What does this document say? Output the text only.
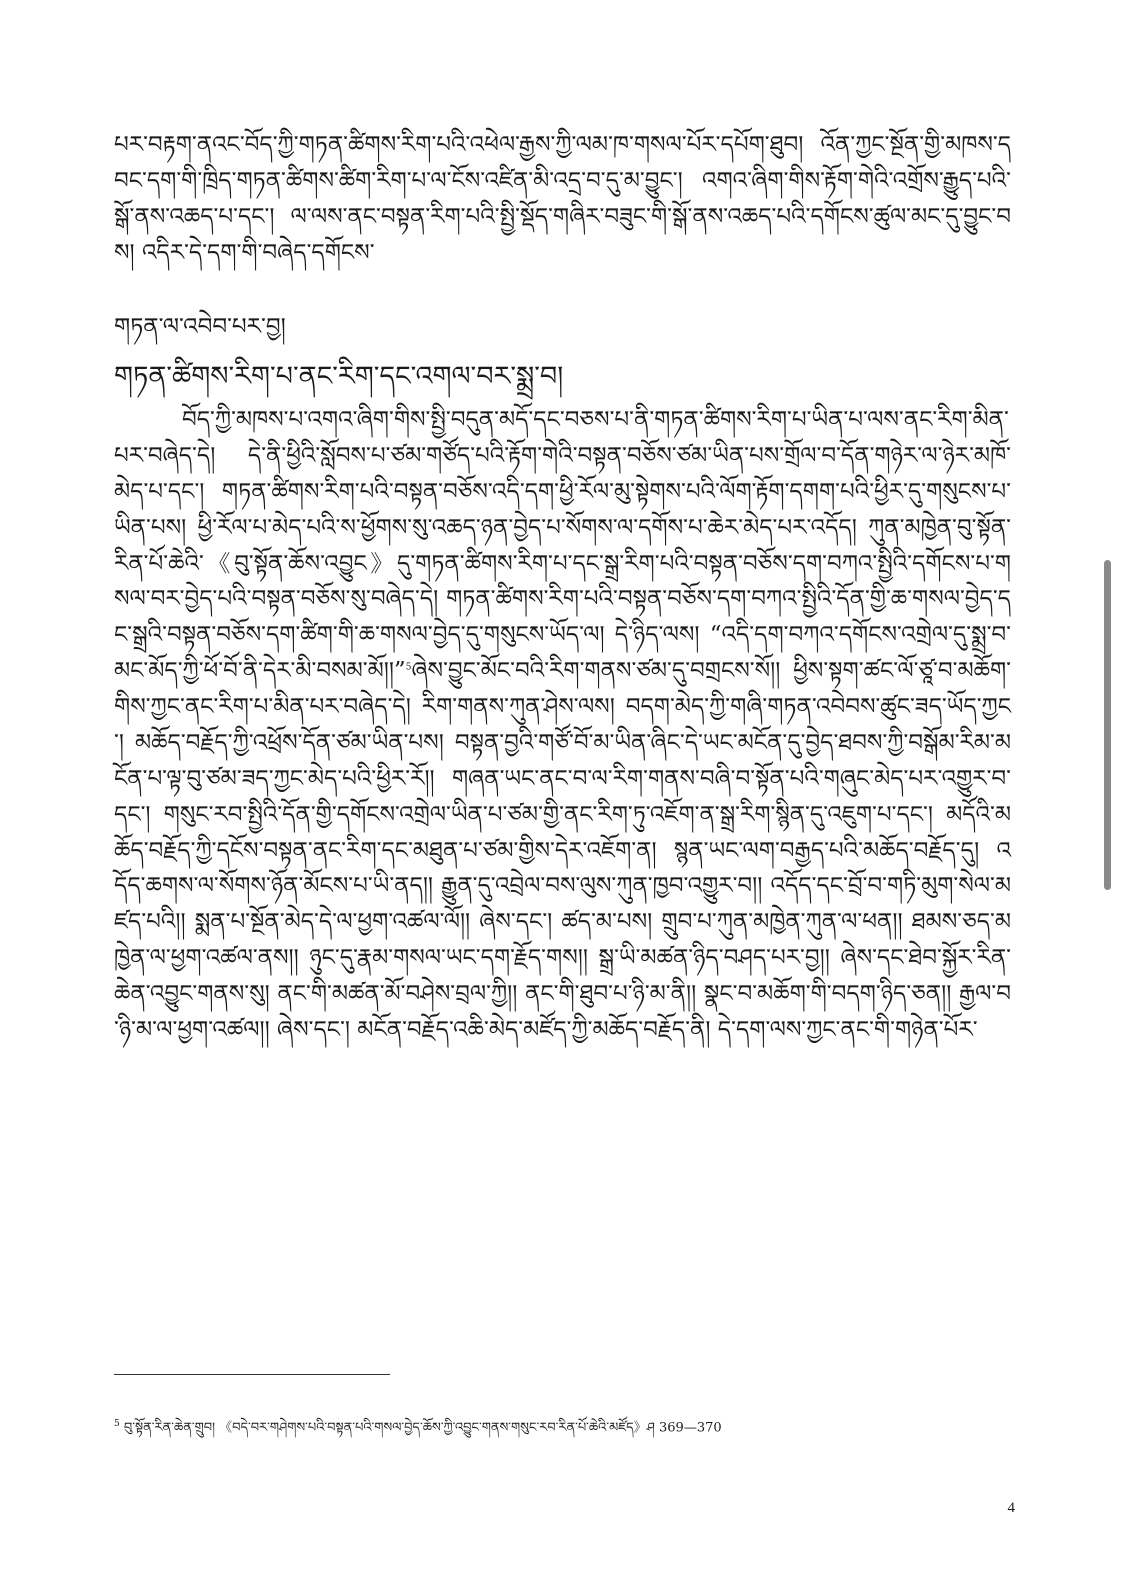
པར་བརྟག་ནའང་བོད་ཀྱི་གཏན་ཚིགས་རིག་པའི་འཕེལ་རྒྱས་ཀྱི་ལམ་ཁ་གསལ་པོར་དཔོག་ཐུབ། འོན་ཀྱང་སྔོན་གྱི་མཁས་དབང་དག་གི་ཁྲིད་གཏན་ཚིགས་ཚིག་རིག་པ་ལ་ངོས་འཛིན་མི་འདྲ་བ་དུ་མ་བྱུང་། འགའ་ཞིག་གིས་རྟོག་གེའི་འགྲོས་རྒྱུད་པའི་སྒོ་ནས་འཆད་པ་དང་། ལ་ལས་ནང་བསྟན་རིག་པའི་སྤྱི་སྡོད་གཞིར་བཟུང་གི་སྒོ་ནས་འཆད་པའི་དགོངས་ཚུལ་མང་དུ་བྱུང་བས། འདིར་དེ་དག་གི་བཞེད་དགོངས་

གཏན་ལ་འབེབ་པར་བྱ།

གཏན་ཚིགས་རིག་པ་ནང་རིག་དང་འགལ་བར་སྨྲ་བ།

བོད་ཀྱི་མཁས་པ་འགའ་ཞིག་གིས་སྤྱི་བདུན་མདོ་དང་བཅས་པ་ནི་གཏན་ཚིགས་རིག་པ་ཡིན་པ་ལས་ནང་རིག་མིན་པར་བཞེད་དེ། དེ་ནི་ཕྱིའི་སློབས་པ་ཙམ་གཙོད་པའི་རྟོག་གེའི་བསྟན་བཅོས་ཙམ་ཡིན་པས་གྲོལ་བ་དོན་གཉེར་ལ་ཉེར་མཁོ་མེད་པ་དང་། གཏན་ཚིགས་རིག་པའི་བསྟན་བཅོས་འདི་དག་ཕྱི་རོལ་མུ་སྟེགས་པའི་ལོག་རྟོག་དགག་པའི་ཕྱིར་དུ་གསུངས་པ་ཡིན་པས། ཕྱི་རོལ་པ་མེད་པའི་ས་ཕྱོགས་སུ་འཆད་ཉན་བྱེད་པ་སོགས་ལ་དགོས་པ་ཆེར་མེད་པར་འདོད། ཀུན་མཁྱེན་བུ་སྟོན་རིན་པོ་ཆེའི་《བུ་སྟོན་ཆོས་འབྱུང》དུ་གཏན་ཚིགས་རིག་པ་དང་སྒྲ་རིག་པའི་བསྟན་བཅོས་དག་བཀའ་སྤྱིའི་དགོངས་པ་གསལ་བར་བྱེད་པའི་བསྟན་བཅོས་སུ་བཞེད་དེ། གཏན་ཚིགས་རིག་པའི་བསྟན་བཅོས་དག་བཀའ་སྤྱིའི་དོན་གྱི་ཆ་གསལ་བྱེད་དང་སྒྲའི་བསྟན་བཅོས་དག་ཚིག་གི་ཆ་གསལ་བྱེད་དུ་གསུངས་ཡོད་ལ། དེ་ཉིད་ལས། “འདི་དག་བཀའ་དགོངས་འགྲེལ་དུ་སྨྲ་བ་མང་མོད་ཀྱི་ཕོ་བོ་ནི་དེར་མི་བསམ་མོ།།”$^5$ཞེས་བྱུང་མོང་བའི་རིག་གནས་ཙམ་དུ་བགྲངས་སོ།། ཕྱིས་སྟག་ཚང་ལོ་ཙཱ་བ་མཆོག་གིས་ཀྱང་ནང་རིག་པ་མིན་པར་བཞེད་དེ། རིག་གནས་ཀུན་ཤེས་ལས། བདག་མེད་ཀྱི་གཞི་གཏན་འབེབས་ཚུང་ཟད་ཡོད་ཀྱང་། མཆོད་བརྗོད་ཀྱི་འཕྲོས་དོན་ཙམ་ཡིན་པས། བསྟན་བྱའི་གཙོ་བོ་མ་ཡིན་ཞིང་དེ་ཡང་མངོན་དུ་བྱེད་ཐབས་ཀྱི་བསྒོམ་རིམ་མངོན་པ་ལྟ་བུ་ཙམ་ཟད་ཀྱང་མེད་པའི་ཕྱིར་རོ།། གཞན་ཡང་ནང་བ་ལ་རིག་གནས་བཞི་བ་སྟོན་པའི་གཞུང་མེད་པར་འགྱུར་བ་དང་། གསུང་རབ་སྤྱིའི་དོན་གྱི་དགོངས་འགྲེལ་ཡིན་པ་ཙམ་གྱི་ནང་རིག་ཏུ་འཇོག་ན་སྒྲ་རིག་སྙིན་དུ་འཇུག་པ་དང་། མདོའི་མཆོད་བརྗོད་ཀྱི་དངོས་བསྟན་ནང་རིག་དང་མཐུན་པ་ཙམ་གྱིས་དེར་འཇོག་ན། སྙན་ཡང་ལག་བརྒྱད་པའི་མཆོད་བརྗོད་དུ། འདོད་ཆགས་ལ་སོགས་ཉོན་མོངས་པ་ཡི་ནད།། རྒྱུན་དུ་འབྲེལ་བས་ལུས་ཀུན་ཁྱབ་འགྱུར་བ།། འདོད་དང་བྲོ་བ་གཏི་མུག་སེལ་མཛད་པའི།། སྨན་པ་སྔོན་མེད་དེ་ལ་ཕྱག་འཚལ་ལོ།། ཞེས་དང་། ཚད་མ་པས། གྲུབ་པ་ཀུན་མཁྱེན་ཀུན་ལ་ཕན།། ཐམས་ཅད་མཁྱེན་ལ་ཕྱག་འཚལ་ནས།། ཉུང་དུ་རྣམ་གསལ་ཡང་དག་རྗོད་གས།། སྒྲ་ཡི་མཚན་ཉིད་བཤད་པར་བྱ།། ཞེས་དང་ཐེབ་སྐྱོར་རིན་ཆེན་འབྱུང་གནས་སུ། ནང་གི་མཚན་མོ་བཤེས་བྲལ་ཀྱི།། ནང་གི་ཐུབ་པ་ཉི་མ་ནི།། སྣང་བ་མཆོག་གི་བདག་ཉིད་ཅན།། རྒྱལ་བ་ཉི་མ་ལ་ཕྱག་འཚལ།། ཞེས་དང་། མངོན་བརྗོད་འཆི་མེད་མཛོད་ཀྱི་མཆོད་བརྗོད་ནི། དེ་དག་ལས་ཀྱང་ནང་གི་གཉེན་པོར་

$^5$ བུ་སྟོན་རིན་ཆེན་གྲུབ། 《བདེ་བར་གཤེགས་པའི་བསྟན་པའི་གསལ་བྱེད་ཆོས་ཀྱི་འབྱུང་གནས་གསུང་རབ་རིན་པོ་ཆེའི་མཛོད》ཤ 369—370

4
